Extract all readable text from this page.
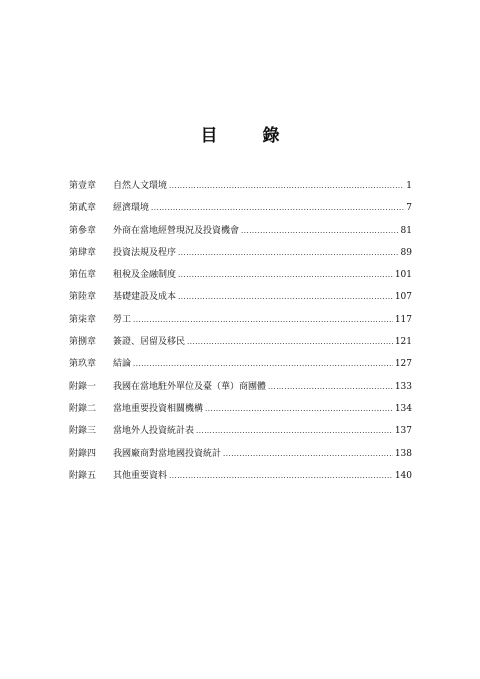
目　錄
第壹章	自然人文環境 .....	1
第貳章	經濟環境 .....	7
第參章	外商在當地經營現況及投資機會 .....	81
第肆章	投資法規及程序 .....	89
第伍章	租稅及金融制度 .....	101
第陸章	基礎建設及成本 .....	107
第柒章	勞工 .....	117
第捌章	簽證、居留及移民 .....	121
第玖章	結論 .....	127
附錄一	我國在當地駐外單位及臺（華）商團體 .....	133
附錄二	當地重要投資相關機構 .....	134
附錄三	當地外人投資統計表 .....	137
附錄四	我國廠商對當地國投資統計 .....	138
附錄五	其他重要資料 .....	140
